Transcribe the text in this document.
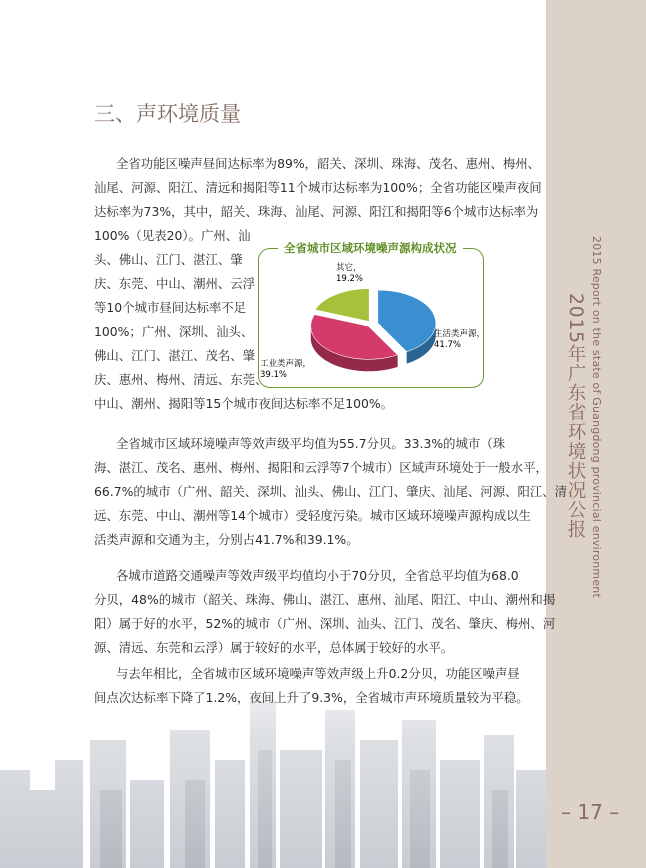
2015 Report on the state of Guangdong provincial environment
2015年广东省环境状况公报
– 17 –
三、声环境质量
全省功能区噪声昼间达标率为89%，韶关、深圳、珠海、茂名、惠州、梅州、
汕尾、河源、阳江、清远和揭阳等11个城市达标率为100%；全省功能区噪声夜间
达标率为73%，其中，韶关、珠海、汕尾、河源、阳江和揭阳等6个城市达标率为
100%（见表20）。广州、汕
头、佛山、江门、湛江、肇
庆、东莞、中山、潮州、云浮
等10个城市昼间达标率不足
100%；广州、深圳、汕头、
佛山、江门、湛江、茂名、肇
庆、惠州、梅州、清远、东莞、
中山、潮州、揭阳等15个城市夜间达标率不足100%。
生活类声源，
41.7%
工业类声源，
39.1%
其它，
19.2%
全省城市区域环境噪声源构成状况
全省城市区域环境噪声等效声级平均值为55.7分贝。33.3%的城市（珠
海、湛江、茂名、惠州、梅州、揭阳和云浮等7个城市）区域声环境处于一般水平，
66.7%的城市（广州、韶关、深圳、汕头、佛山、江门、肇庆、汕尾、河源、阳江、清
远、东莞、中山、潮州等14个城市）受轻度污染。城市区域环境噪声源构成以生
活类声源和交通为主，分别占41.7%和39.1%。
各城市道路交通噪声等效声级平均值均小于70分贝，全省总平均值为68.0
分贝，48%的城市（韶关、珠海、佛山、湛江、惠州、汕尾、阳江、中山、潮州和揭
阳）属于好的水平，52%的城市（广州、深圳、汕头、江门、茂名、肇庆、梅州、河
源、清远、东莞和云浮）属于较好的水平，总体属于较好的水平。
与去年相比，全省城市区域环境噪声等效声级上升0.2分贝，功能区噪声昼
间点次达标率下降了1.2%，夜间上升了9.3%，全省城市声环境质量较为平稳。
